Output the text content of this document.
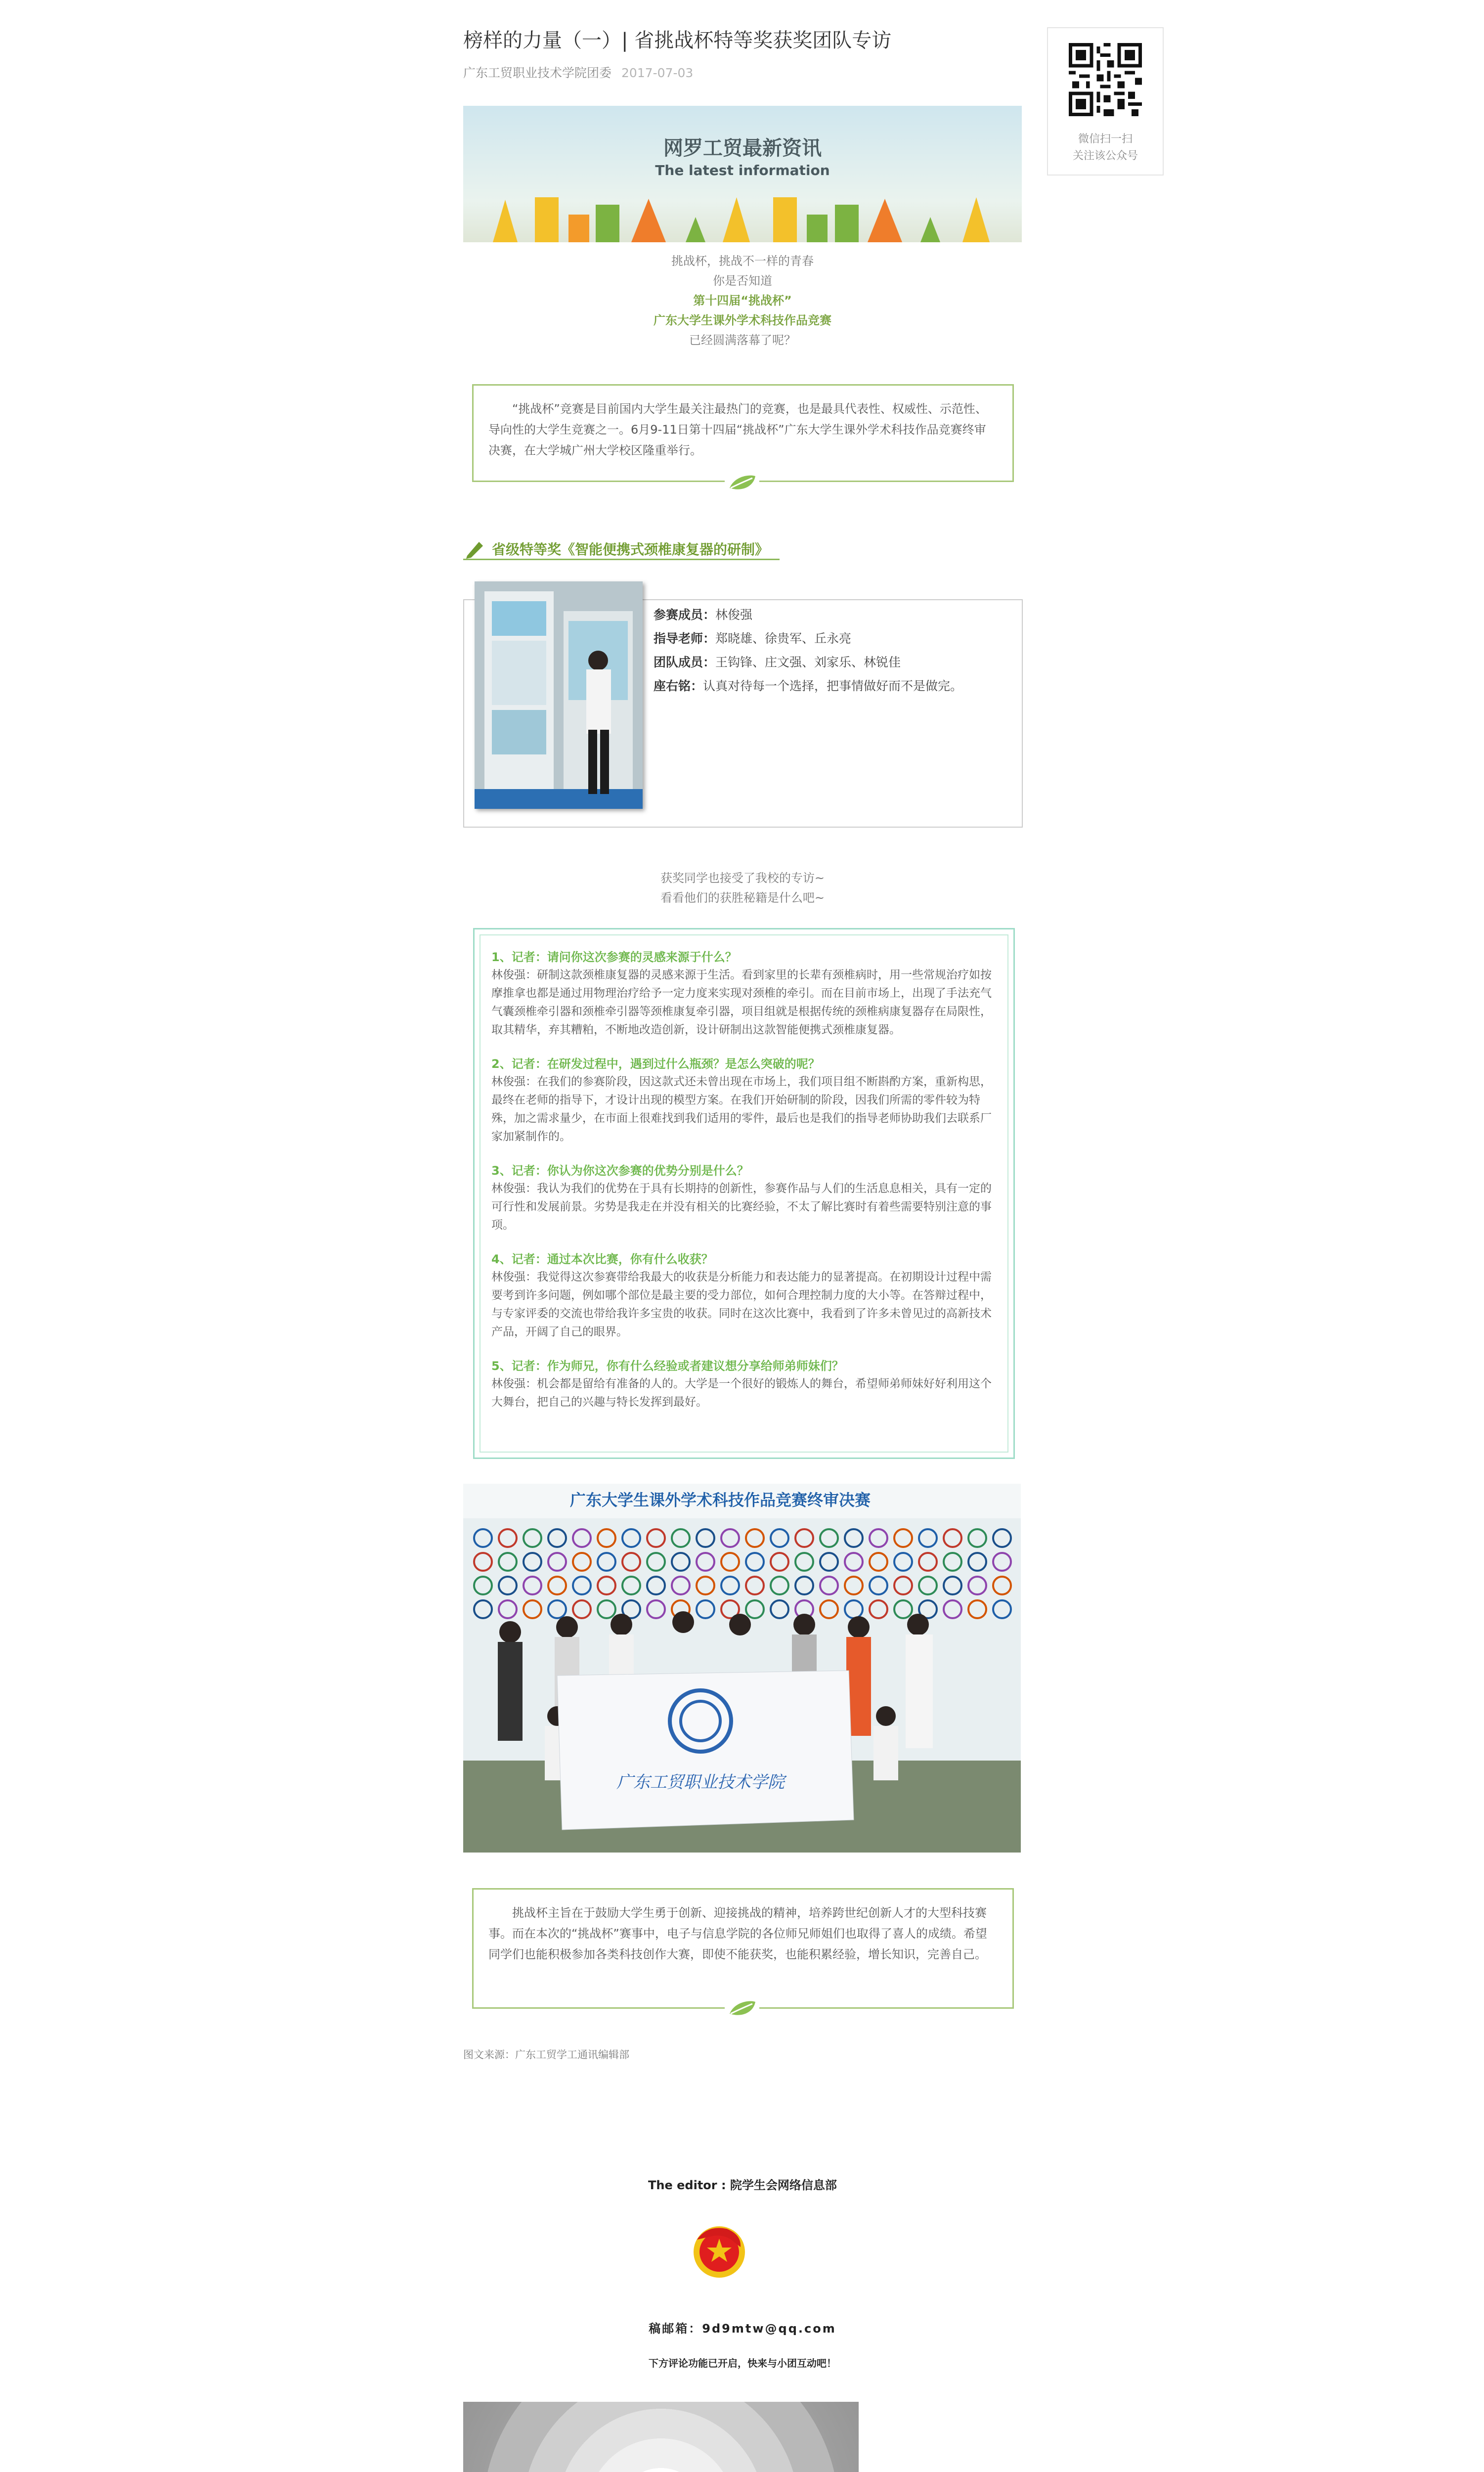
榜样的力量（一）| 省挑战杯特等奖获奖团队专访
广东工贸职业技术学院团委 2017-07-03
微信扫一扫
关注该公众号
网罗工贸最新资讯
The latest information
挑战杯，挑战不一样的青春
你是否知道
第十四届“挑战杯”
广东大学生课外学术科技作品竞赛
已经圆满落幕了呢？
“挑战杯”竞赛是目前国内大学生最关注最热门的竞赛，也是最具代表性、权威性、示范性、导向性的大学生竞赛之一。6月9-11日第十四届“挑战杯”广东大学生课外学术科技作品竞赛终审决赛，在大学城广州大学校区隆重举行。
省级特等奖《智能便携式颈椎康复器的研制》
参赛成员：林俊强
指导老师：郑晓雄、徐贵军、丘永亮
团队成员：王钩锋、庄文强、刘家乐、林锐佳
座右铭：认真对待每一个选择，把事情做好而不是做完。
获奖同学也接受了我校的专访~
看看他们的获胜秘籍是什么吧~
1、记者：请问你这次参赛的灵感来源于什么？
林俊强：研制这款颈椎康复器的灵感来源于生活。看到家里的长辈有颈椎病时，用一些常规治疗如按摩推拿也都是通过用物理治疗给予一定力度来实现对颈椎的牵引。而在目前市场上，出现了手法充气气囊颈椎牵引器和颈椎牵引器等颈椎康复牵引器，项目组就是根据传统的颈椎病康复器存在局限性，取其精华，弃其糟粕，不断地改造创新，设计研制出这款智能便携式颈椎康复器。
2、记者：在研发过程中，遇到过什么瓶颈？是怎么突破的呢？
林俊强：在我们的参赛阶段，因这款式还未曾出现在市场上，我们项目组不断斟酌方案，重新构思，最终在老师的指导下，才设计出现的模型方案。在我们开始研制的阶段，因我们所需的零件较为特殊，加之需求量少，在市面上很难找到我们适用的零件，最后也是我们的指导老师协助我们去联系厂家加紧制作的。
3、记者：你认为你这次参赛的优势分别是什么？
林俊强：我认为我们的优势在于具有长期持的创新性，参赛作品与人们的生活息息相关，具有一定的可行性和发展前景。劣势是我走在并没有相关的比赛经验，不太了解比赛时有着些需要特别注意的事项。
4、记者：通过本次比赛，你有什么收获？
林俊强：我觉得这次参赛带给我最大的收获是分析能力和表达能力的显著提高。在初期设计过程中需要考到许多问题，例如哪个部位是最主要的受力部位，如何合理控制力度的大小等。在答辩过程中，与专家评委的交流也带给我许多宝贵的收获。同时在这次比赛中，我看到了许多未曾见过的高新技术产品，开阔了自己的眼界。
5、记者：作为师兄，你有什么经验或者建议想分享给师弟师妹们？
林俊强：机会都是留给有准备的人的。大学是一个很好的锻炼人的舞台，希望师弟师妹好好利用这个大舞台，把自己的兴趣与特长发挥到最好。
广东大学生课外学术科技作品竞赛终审决赛
广东工贸职业技术学院
挑战杯主旨在于鼓励大学生勇于创新、迎接挑战的精神，培养跨世纪创新人才的大型科技赛事。而在本次的“挑战杯”赛事中，电子与信息学院的各位师兄师姐们也取得了喜人的成绩。希望同学们也能积极参加各类科技创作大赛，即使不能获奖，也能积累经验，增长知识，完善自己。
图文来源：广东工贸学工通讯编辑部
The editor : 院学生会网络信息部
稿邮箱：9d9mtw@qq.com
下方评论功能已开启，快来与小团互动吧！
